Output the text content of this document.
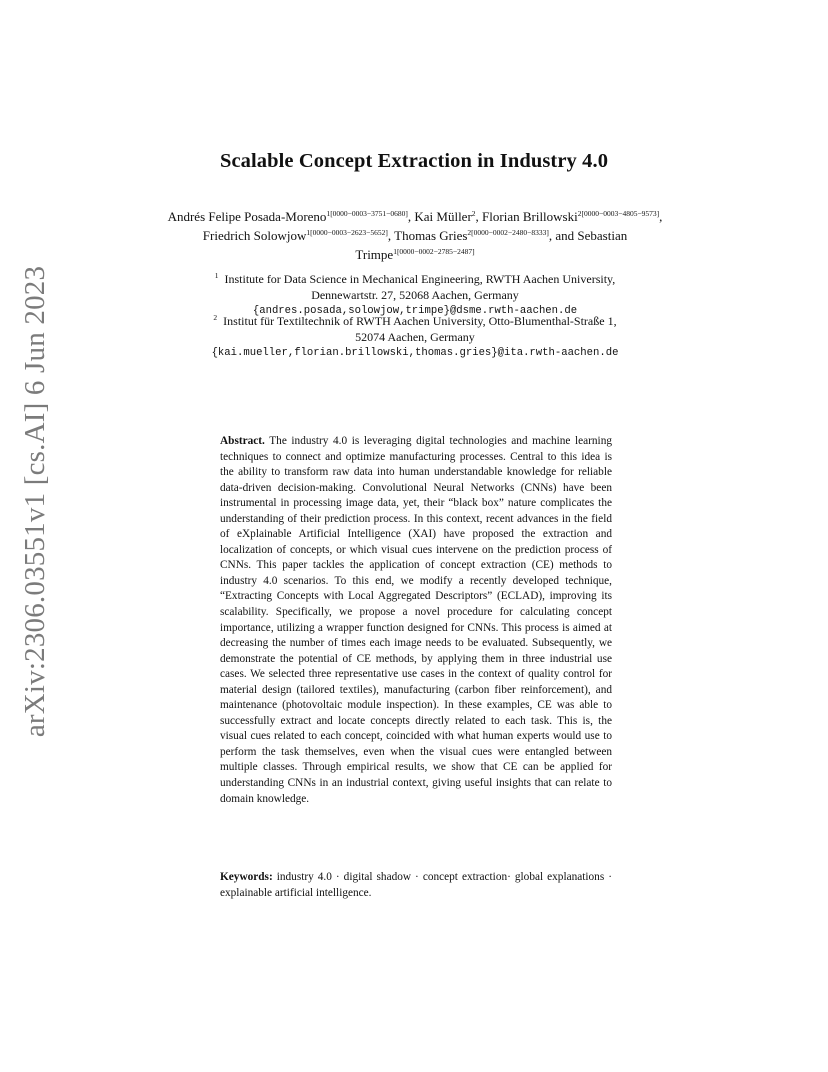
arXiv:2306.03551v1 [cs.AI] 6 Jun 2023
Scalable Concept Extraction in Industry 4.0
Andrés Felipe Posada-Moreno$^{1[0000-0003-3751-0680]}$, Kai Müller$^2$, Florian Brillowski$^{2[0000-0003-4805-9573]}$, Friedrich Solowjow$^{1[0000-0003-2623-5652]}$, Thomas Gries$^{2[0000-0002-2480-8333]}$, and Sebastian Trimpe$^{1[0000-0002-2785-2487]}$
$^1$ Institute for Data Science in Mechanical Engineering, RWTH Aachen University,
Dennewartstr. 27, 52068 Aachen, Germany
{andres.posada,solowjow,trimpe}@dsme.rwth-aachen.de
$^2$ Institut für Textiltechnik of RWTH Aachen University, Otto-Blumenthal-Straße 1,
52074 Aachen, Germany
{kai.mueller,florian.brillowski,thomas.gries}@ita.rwth-aachen.de

Abstract. The industry 4.0 is leveraging digital technologies and machine learning techniques to connect and optimize manufacturing processes. Central to this idea is the ability to transform raw data into human understandable knowledge for reliable data-driven decision-making. Convolutional Neural Networks (CNNs) have been instrumental in processing image data, yet, their “black box” nature complicates the understanding of their prediction process. In this context, recent advances in the field of eXplainable Artificial Intelligence (XAI) have proposed the extraction and localization of concepts, or which visual cues intervene on the prediction process of CNNs. This paper tackles the application of concept extraction (CE) methods to industry 4.0 scenarios. To this end, we modify a recently developed technique, “Extracting Concepts with Local Aggregated Descriptors” (ECLAD), improving its scalability. Specifically, we propose a novel procedure for calculating concept importance, utilizing a wrapper function designed for CNNs. This process is aimed at decreasing the number of times each image needs to be evaluated. Subsequently, we demonstrate the potential of CE methods, by applying them in three industrial use cases. We selected three representative use cases in the context of quality control for material design (tailored textiles), manufacturing (carbon fiber reinforcement), and maintenance (photovoltaic module inspection). In these examples, CE was able to successfully extract and locate concepts directly related to each task. This is, the visual cues related to each concept, coincided with what human experts would use to perform the task themselves, even when the visual cues were entangled between multiple classes. Through empirical results, we show that CE can be applied for understanding CNNs in an industrial context, giving useful insights that can relate to domain knowledge.

Keywords: industry 4.0 · digital shadow · concept extraction· global explanations · explainable artificial intelligence.
